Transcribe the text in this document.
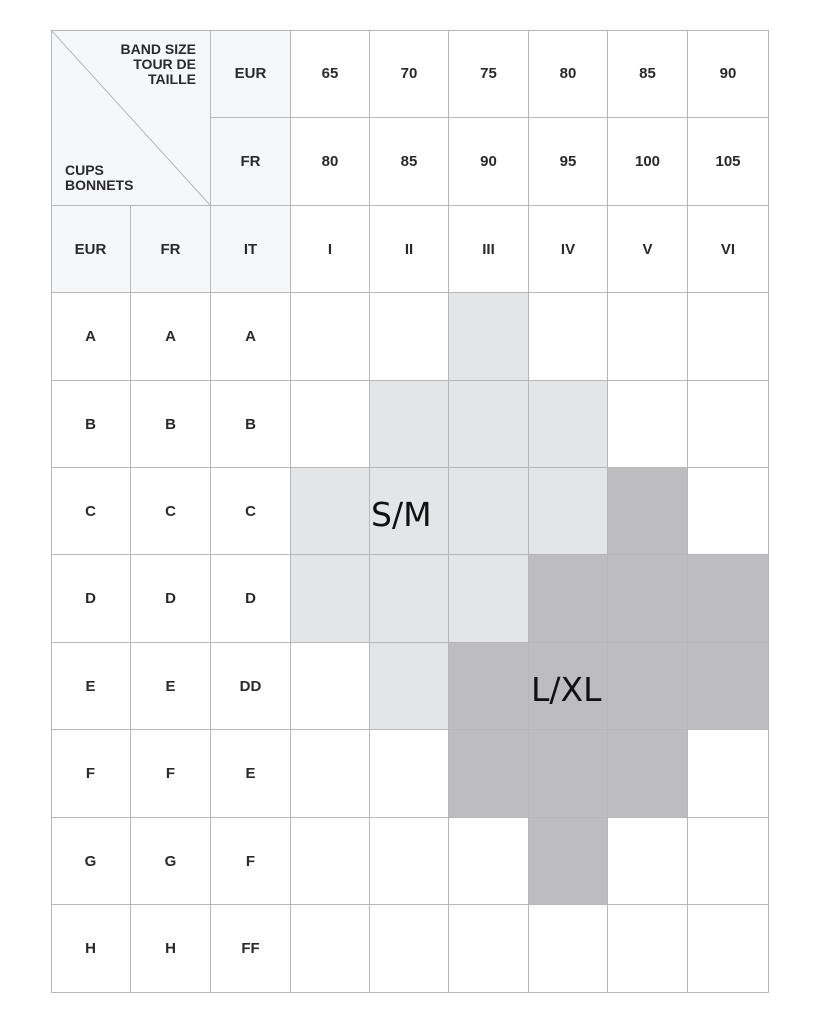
BAND SIZE
TOUR DE
TAILLE
CUPS
BONNETS
EUR	65	70	75	80	85	90
FR	80	85	90	95	100	105
EUR	FR	IT	I	II	III	IV	V	VI
A	A	A
B	B	B
C	C	C
D	D	D
E	E	DD
F	F	E
G	G	F
H	H	FF
S/M
L/XL
